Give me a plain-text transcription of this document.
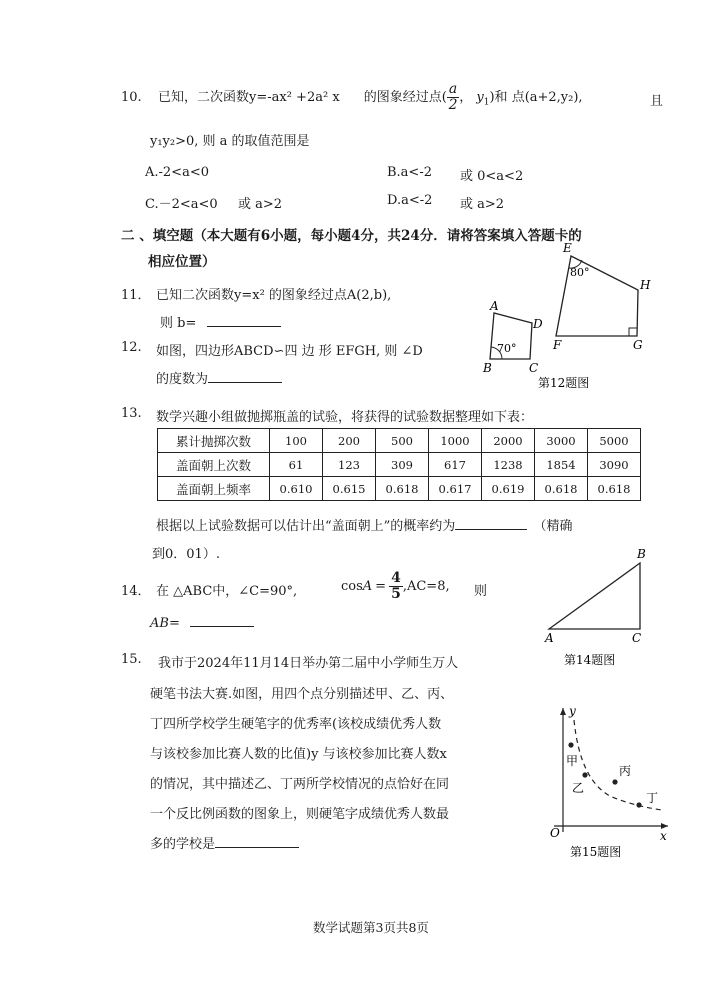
10. 已知，二次函数y=-ax² +2a² x 的图象经过点( $\frac{a}{2}$ ， $y_1$)和 点(a+2,y₂),	且
y₁y₂>0, 则 a 的取值范围是
A.-2<a<0	B.a<-2 或 0<a<2
C.－2<a<0 或 a>2	D.a<-2 或 a>2
二 、填空题（本大题有6小题，每小题4分，共24分．请将答案填入答题卡的
相应位置）
11． 已知二次函数y=x² 的图象经过点A(2,b),
则 b=
12. 如图，四边形ABCD∽四 边 形 EFGH, 则 ∠D
的度数为
A
D
B	C
70°
E
H
F	G
80°
第12题图
13. 数学兴趣小组做抛掷瓶盖的试验，将获得的试验数据整理如下表：
累计抛掷次数	100	200	500	1000	2000	3000	5000
盖面朝上次数	61	123	309	617	1238	1854	3090
盖面朝上频率	0.610	0.615	0.618	0.617	0.619	0.618	0.618
根据以上试验数据可以估计出“盖面朝上”的概率约为	（精确
到0．01）.
14． 在 △ABC中，∠C=90°,	$\cos A = \frac{4}{5} ,AC=8$, 则
AB=
B
A	C
第14题图
15. 我市于2024年11月14日举办第二届中小学师生万人
硬笔书法大赛.如图，用四个点分别描述甲、乙、丙、
丁四所学校学生硬笔字的优秀率(该校成绩优秀人数
与该校参加比赛人数的比值)y 与该校参加比赛人数x
的情况，其中描述乙、丁两所学校情况的点恰好在同
一个反比例函数的图象上，则硬笔字成绩优秀人数最
多的学校是
y
x
O
甲
乙
丙
丁
第15题图
数学试题第3页共8页
